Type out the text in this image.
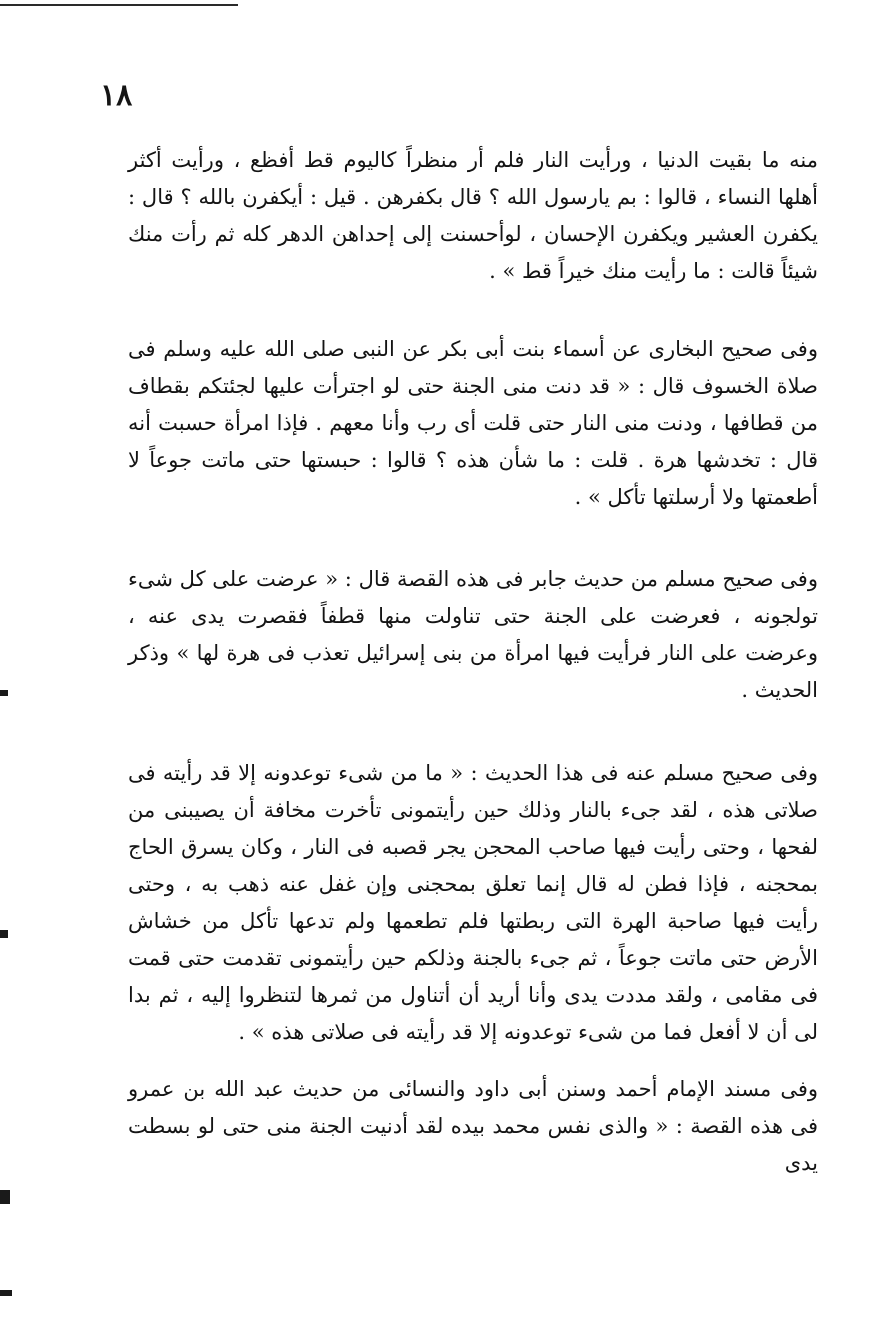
١٨

منه ما بقيت الدنيا ، ورأيت النار فلم أر منظراً كاليوم قط أفظع ، ورأيت أكثر أهلها النساء ، قالوا : بم يارسول الله ؟ قال بكفرهن . قيل : أيكفرن بالله ؟ قال : يكفرن العشير ويكفرن الإحسان ، لوأحسنت إلى إحداهن الدهر كله ثم رأت منك شيئاً قالت : ما رأيت منك خيراً قط » .

وفى صحيح البخارى عن أسماء بنت أبى بكر عن النبى صلى الله عليه وسلم فى صلاة الخسوف قال : « قد دنت منى الجنة حتى لو اجترأت عليها لجئتكم بقطاف من قطافها ، ودنت منى النار حتى قلت أى رب وأنا معهم . فإذا امرأة حسبت أنه قال : تخدشها هرة . قلت : ما شأن هذه ؟ قالوا : حبستها حتى ماتت جوعاً لا أطعمتها ولا أرسلتها تأكل » .

وفى صحيح مسلم من حديث جابر فى هذه القصة قال : « عرضت على كل شىء تولجونه ، فعرضت على الجنة حتى تناولت منها قطفاً فقصرت يدى عنه ، وعرضت على النار فرأيت فيها امرأة من بنى إسرائيل تعذب فى هرة لها » وذكر الحديث .

وفى صحيح مسلم عنه فى هذا الحديث : « ما من شىء توعدونه إلا قد رأيته فى صلاتى هذه ، لقد جىء بالنار وذلك حين رأيتمونى تأخرت مخافة أن يصيبنى من لفحها ، وحتى رأيت فيها صاحب المحجن يجر قصبه فى النار ، وكان يسرق الحاج بمحجنه ، فإذا فطن له قال إنما تعلق بمحجنى وإن غفل عنه ذهب به ، وحتى رأيت فيها صاحبة الهرة التى ربطتها فلم تطعمها ولم تدعها تأكل من خشاش الأرض حتى ماتت جوعاً ، ثم جىء بالجنة وذلكم حين رأيتمونى تقدمت حتى قمت فى مقامى ، ولقد مددت يدى وأنا أريد أن أتناول من ثمرها لتنظروا إليه ، ثم بدا لى أن لا أفعل فما من شىء توعدونه إلا قد رأيته فى صلاتى هذه » .

وفى مسند الإمام أحمد وسنن أبى داود والنسائى من حديث عبد الله بن عمرو فى هذه القصة : « والذى نفس محمد بيده لقد أدنيت الجنة منى حتى لو بسطت يدى
